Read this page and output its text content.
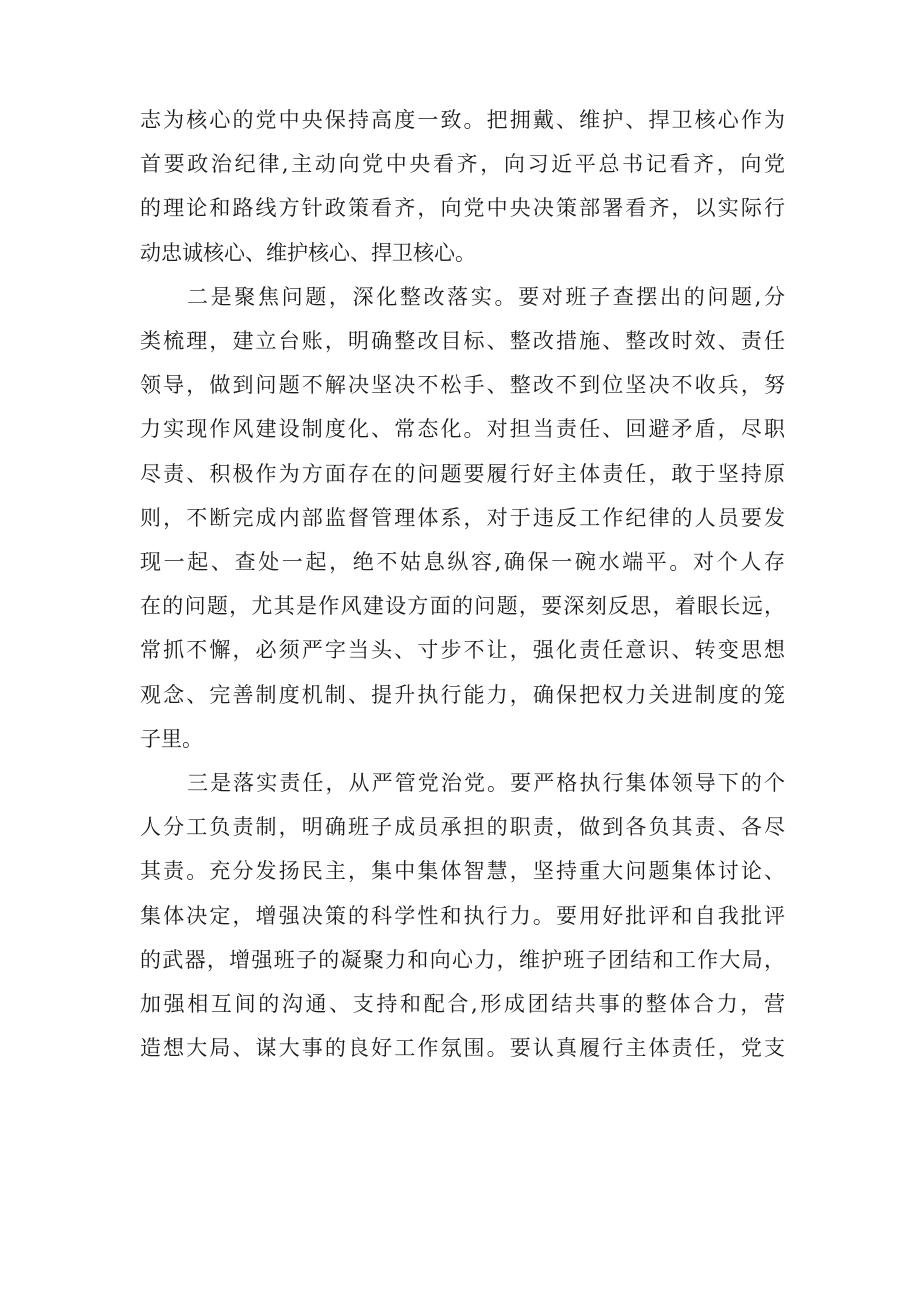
志为核心的党中央保持高度一致。把拥戴、维护、捍卫核心作为
首要政治纪律,主动向党中央看齐，向习近平总书记看齐，向党
的理论和路线方针政策看齐，向党中央决策部署看齐，以实际行
动忠诚核心、维护核心、捍卫核心。
二是聚焦问题，深化整改落实。要对班子查摆出的问题,分
类梳理，建立台账，明确整改目标、整改措施、整改时效、责任
领导，做到问题不解决坚决不松手、整改不到位坚决不收兵，努
力实现作风建设制度化、常态化。对担当责任、回避矛盾，尽职
尽责、积极作为方面存在的问题要履行好主体责任，敢于坚持原
则，不断完成内部监督管理体系，对于违反工作纪律的人员要发
现一起、查处一起，绝不姑息纵容,确保一碗水端平。对个人存
在的问题，尤其是作风建设方面的问题，要深刻反思，着眼长远，
常抓不懈，必须严字当头、寸步不让，强化责任意识、转变思想
观念、完善制度机制、提升执行能力，确保把权力关进制度的笼
子里。
三是落实责任，从严管党治党。要严格执行集体领导下的个
人分工负责制，明确班子成员承担的职责，做到各负其责、各尽
其责。充分发扬民主，集中集体智慧，坚持重大问题集体讨论、
集体决定，增强决策的科学性和执行力。要用好批评和自我批评
的武器，增强班子的凝聚力和向心力，维护班子团结和工作大局，
加强相互间的沟通、支持和配合,形成团结共事的整体合力，营
造想大局、谋大事的良好工作氛围。要认真履行主体责任，党支
